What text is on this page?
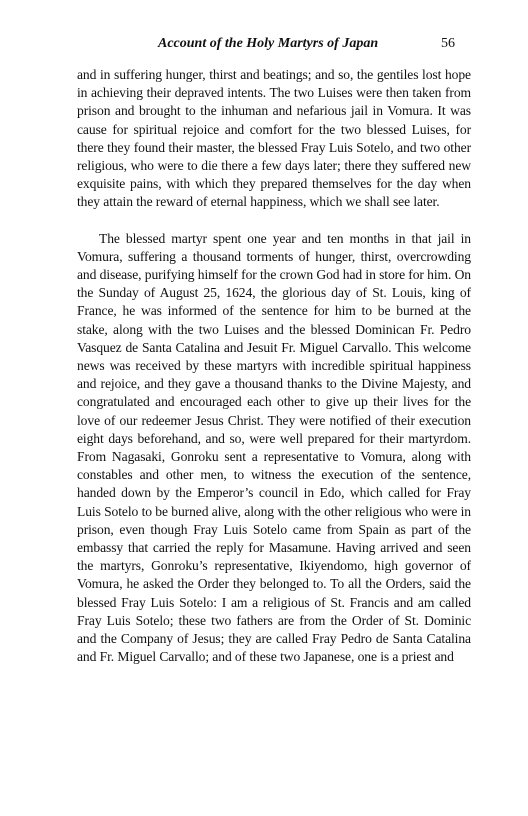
Account of the Holy Martyrs of Japan	56

and in suffering hunger, thirst and beatings; and so, the gentiles lost hope in achieving their depraved intents. The two Luises were then taken from prison and brought to the inhuman and nefarious jail in Vomura. It was cause for spiritual rejoice and comfort for the two blessed Luises, for there they found their master, the blessed Fray Luis Sotelo, and two other religious, who were to die there a few days later; there they suffered new exquisite pains, with which they prepared themselves for the day when they attain the reward of eternal happiness, which we shall see later.

The blessed martyr spent one year and ten months in that jail in Vomura, suffering a thousand torments of hunger, thirst, overcrowding and disease, purifying himself for the crown God had in store for him. On the Sunday of August 25, 1624, the glorious day of St. Louis, king of France, he was informed of the sentence for him to be burned at the stake, along with the two Luises and the blessed Dominican Fr. Pedro Vasquez de Santa Catalina and Jesuit Fr. Miguel Carvallo. This welcome news was received by these martyrs with incredible spiritual happiness and rejoice, and they gave a thousand thanks to the Divine Majesty, and congratulated and encouraged each other to give up their lives for the love of our redeemer Jesus Christ. They were notified of their execution eight days beforehand, and so, were well prepared for their martyrdom. From Nagasaki, Gonroku sent a representative to Vomura, along with constables and other men, to witness the execution of the sentence, handed down by the Emperor’s council in Edo, which called for Fray Luis Sotelo to be burned alive, along with the other religious who were in prison, even though Fray Luis Sotelo came from Spain as part of the embassy that carried the reply for Masamune. Having arrived and seen the martyrs, Gonroku’s representative, Ikiyendomo, high governor of Vomura, he asked the Order they belonged to. To all the Orders, said the blessed Fray Luis Sotelo: I am a religious of St. Francis and am called Fray Luis Sotelo; these two fathers are from the Order of St. Dominic and the Company of Jesus; they are called Fray Pedro de Santa Catalina and Fr. Miguel Carvallo; and of these two Japanese, one is a priest and
